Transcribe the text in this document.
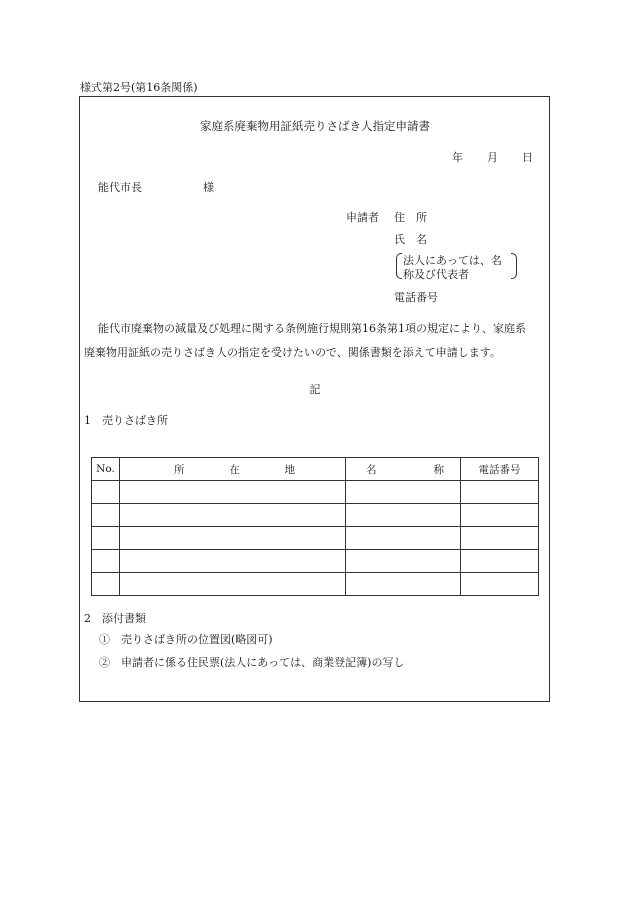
様式第2号(第16条関係)
家庭系廃棄物用証紙売りさばき人指定申請書
年 月 日
能代市長	様
申請者 住　所
氏　名
法人にあっては、名
称及び代表者
電話番号
能代市廃棄物の減量及び処理に関する条例施行規則第16条第1項の規定により、家庭系
廃棄物用証紙の売りさばき人の指定を受けたいので、関係書類を添えて申請します。
記
1　売りさばき所
No.	所 在 地	名 称	電話番号

2　添付書類
①　売りさばき所の位置図(略図可)
②　申請者に係る住民票(法人にあっては、商業登記簿)の写し
